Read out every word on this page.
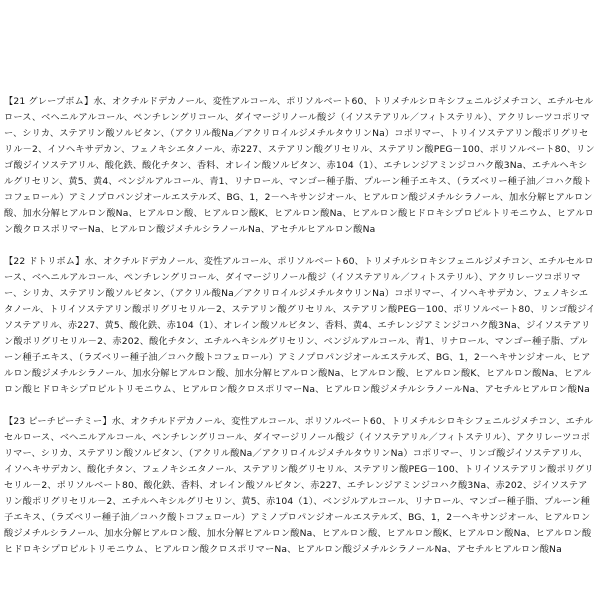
【21 グレープボム】水、オクチルドデカノール、変性アルコール、ポリソルベート60、トリメチルシロキシフェニルジメチコン、エチルセルロース、ベヘニルアルコール、ペンチレングリコール、ダイマージリノール酸ジ（イソステアリル／フィトステリル）、アクリレーツコポリマー、シリカ、ステアリン酸ソルビタン、（アクリル酸Na／アクリロイルジメチルタウリンNa）コポリマー、トリイソステアリン酸ポリグリセリル－2、イソヘキサデカン、フェノキシエタノール、赤227、ステアリン酸グリセリル、ステアリン酸PEG－100、ポリソルベート80、リンゴ酸ジイソステアリル、酸化鉄、酸化チタン、香料、オレイン酸ソルビタン、赤104（1）、エチレンジアミンジコハク酸3Na、エチルヘキシルグリセリン、黄5、黄4、ベンジルアルコール、青1、リナロール、マンゴー種子脂、プルーン種子エキス、（ラズベリー種子油／コハク酸トコフェロール）アミノプロパンジオールエステルズ、BG、1，2－ヘキサンジオール、ヒアルロン酸ジメチルシラノール、加水分解ヒアルロン酸、加水分解ヒアルロン酸Na、ヒアルロン酸、ヒアルロン酸K、ヒアルロン酸Na、ヒアルロン酸ヒドロキシプロピルトリモニウム、ヒアルロン酸クロスポリマーNa、ヒアルロン酸ジメチルシラノールNa、アセチルヒアルロン酸Na

【22 ドトリボム】水、オクチルドデカノール、変性アルコール、ポリソルベート60、トリメチルシロキシフェニルジメチコン、エチルセルロース、ベヘニルアルコール、ペンチレングリコール、ダイマージリノール酸ジ（イソステアリル／フィトステリル）、アクリレーツコポリマー、シリカ、ステアリン酸ソルビタン、（アクリル酸Na／アクリロイルジメチルタウリンNa）コポリマー、イソヘキサデカン、フェノキシエタノール、トリイソステアリン酸ポリグリセリル－2、ステアリン酸グリセリル、ステアリン酸PEG－100、ポリソルベート80、リンゴ酸ジイソステアリル、赤227、黄5、酸化鉄、赤104（1）、オレイン酸ソルビタン、香料、黄4、エチレンジアミンジコハク酸3Na、ジイソステアリン酸ポリグリセリル－2、赤202、酸化チタン、エチルヘキシルグリセリン、ベンジルアルコール、青1、リナロール、マンゴー種子脂、プルーン種子エキス、（ラズベリー種子油／コハク酸トコフェロール）アミノプロパンジオールエステルズ、BG、1，2－ヘキサンジオール、ヒアルロン酸ジメチルシラノール、加水分解ヒアルロン酸、加水分解ヒアルロン酸Na、ヒアルロン酸、ヒアルロン酸K、ヒアルロン酸Na、ヒアルロン酸ヒドロキシプロピルトリモニウム、ヒアルロン酸クロスポリマーNa、ヒアルロン酸ジメチルシラノールNa、アセチルヒアルロン酸Na

【23 ピーチピーチミー】水、オクチルドデカノール、変性アルコール、ポリソルベート60、トリメチルシロキシフェニルジメチコン、エチルセルロース、ベヘニルアルコール、ペンチレングリコール、ダイマージリノール酸ジ（イソステアリル／フィトステリル）、アクリレーツコポリマー、シリカ、ステアリン酸ソルビタン、（アクリル酸Na／アクリロイルジメチルタウリンNa）コポリマー、リンゴ酸ジイソステアリル、イソヘキサデカン、酸化チタン、フェノキシエタノール、ステアリン酸グリセリル、ステアリン酸PEG－100、トリイソステアリン酸ポリグリセリル－2、ポリソルベート80、酸化鉄、香料、オレイン酸ソルビタン、赤227、エチレンジアミンジコハク酸3Na、赤202、ジイソステアリン酸ポリグリセリル－2、エチルヘキシルグリセリン、黄5、赤104（1）、ベンジルアルコール、リナロール、マンゴー種子脂、プルーン種子エキス、（ラズベリー種子油／コハク酸トコフェロール）アミノプロパンジオールエステルズ、BG、1，2－ヘキサンジオール、ヒアルロン酸ジメチルシラノール、加水分解ヒアルロン酸、加水分解ヒアルロン酸Na、ヒアルロン酸、ヒアルロン酸K、ヒアルロン酸Na、ヒアルロン酸ヒドロキシプロピルトリモニウム、ヒアルロン酸クロスポリマーNa、ヒアルロン酸ジメチルシラノールNa、アセチルヒアルロン酸Na
